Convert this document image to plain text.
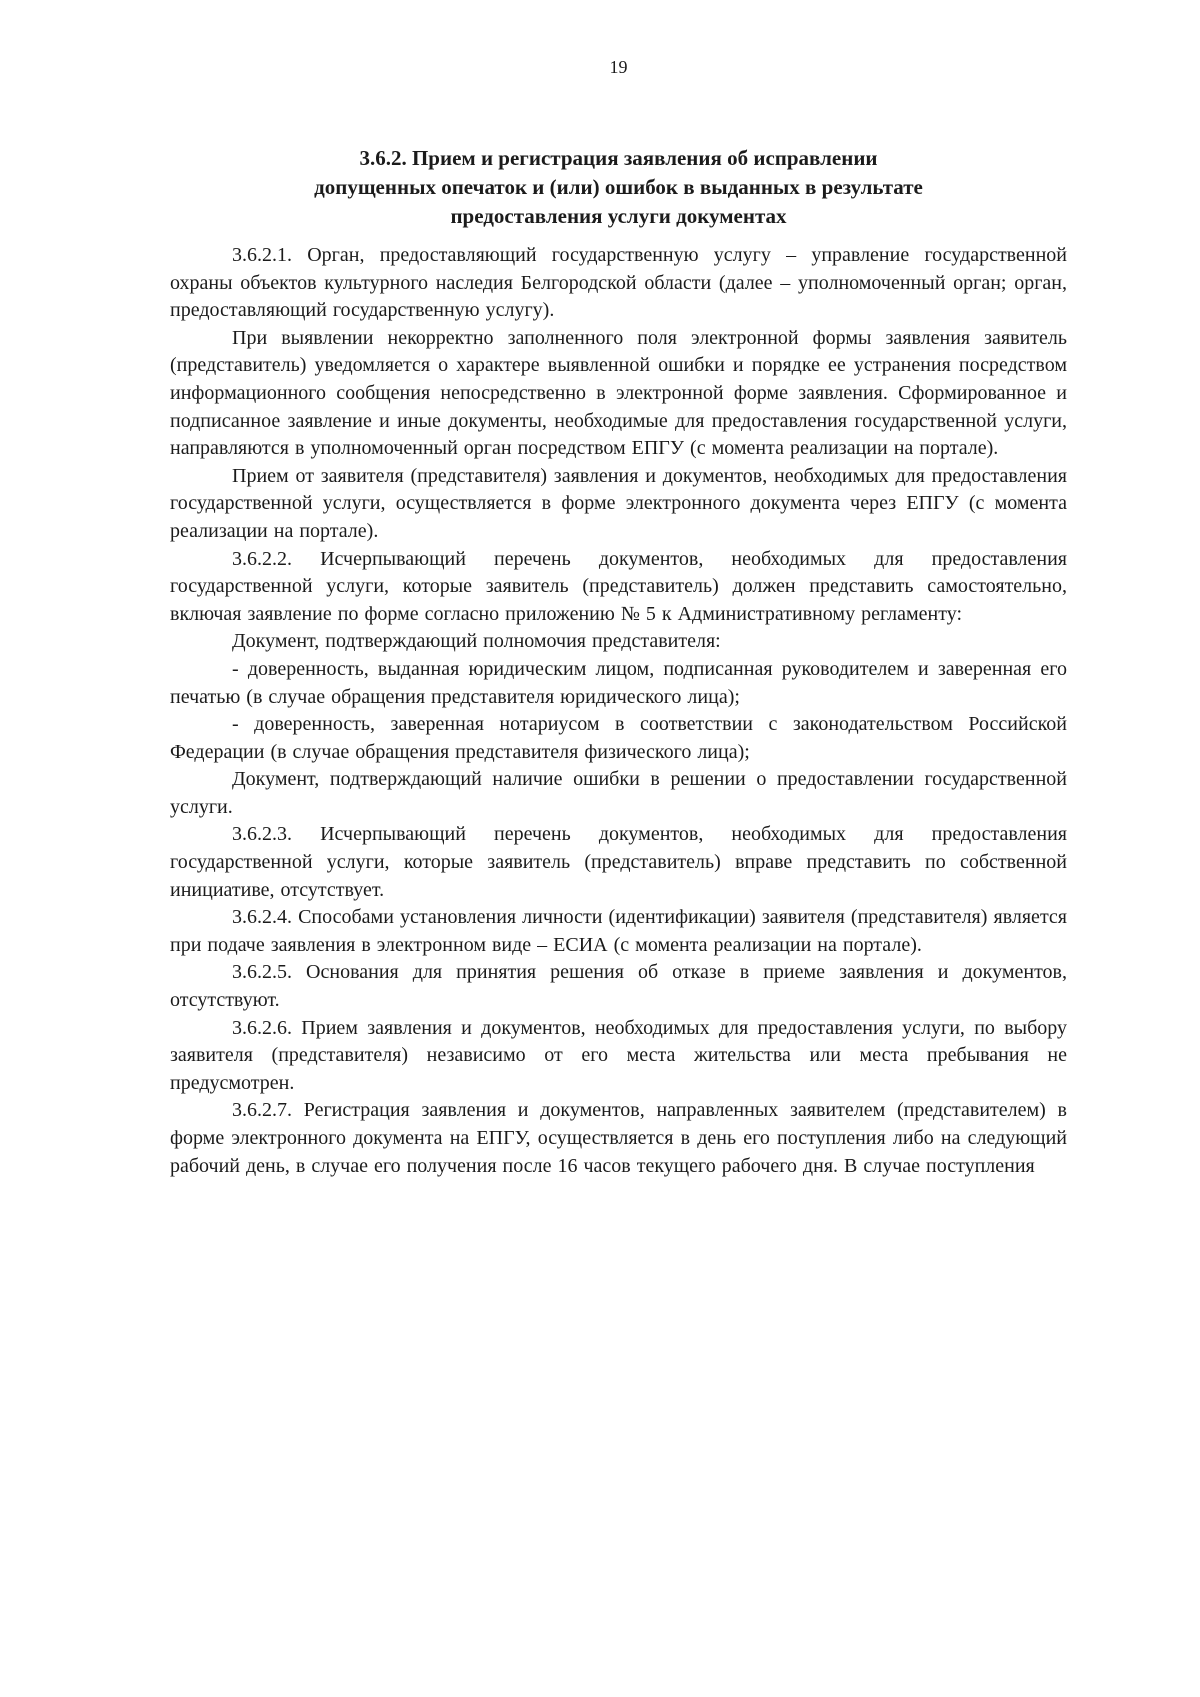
19
3.6.2. Прием и регистрация заявления об исправлении
допущенных опечаток и (или) ошибок в выданных в результате
предоставления услуги документах

3.6.2.1. Орган, предоставляющий государственную услугу – управление государственной охраны объектов культурного наследия Белгородской области (далее – уполномоченный орган; орган, предоставляющий государственную услугу).

При выявлении некорректно заполненного поля электронной формы заявления заявитель (представитель) уведомляется о характере выявленной ошибки и порядке ее устранения посредством информационного сообщения непосредственно в электронной форме заявления. Сформированное и подписанное заявление и иные документы, необходимые для предоставления государственной услуги, направляются в уполномоченный орган посредством ЕПГУ (с момента реализации на портале).

Прием от заявителя (представителя) заявления и документов, необходимых для предоставления государственной услуги, осуществляется в форме электронного документа через ЕПГУ (с момента реализации на портале).

3.6.2.2. Исчерпывающий перечень документов, необходимых для предоставления государственной услуги, которые заявитель (представитель) должен представить самостоятельно, включая заявление по форме согласно приложению № 5 к Административному регламенту:

Документ, подтверждающий полномочия представителя:

- доверенность, выданная юридическим лицом, подписанная руководителем и заверенная его печатью (в случае обращения представителя юридического лица);

- доверенность, заверенная нотариусом в соответствии с законодательством Российской Федерации (в случае обращения представителя физического лица);

Документ, подтверждающий наличие ошибки в решении о предоставлении государственной услуги.

3.6.2.3. Исчерпывающий перечень документов, необходимых для предоставления государственной услуги, которые заявитель (представитель) вправе представить по собственной инициативе, отсутствует.

3.6.2.4. Способами установления личности (идентификации) заявителя (представителя) является при подаче заявления в электронном виде – ЕСИА (с момента реализации на портале).

3.6.2.5. Основания для принятия решения об отказе в приеме заявления и документов, отсутствуют.

3.6.2.6. Прием заявления и документов, необходимых для предоставления услуги, по выбору заявителя (представителя) независимо от его места жительства или места пребывания не предусмотрен.

3.6.2.7. Регистрация заявления и документов, направленных заявителем (представителем) в форме электронного документа на ЕПГУ, осуществляется в день его поступления либо на следующий рабочий день, в случае его получения после 16 часов текущего рабочего дня. В случае поступления
